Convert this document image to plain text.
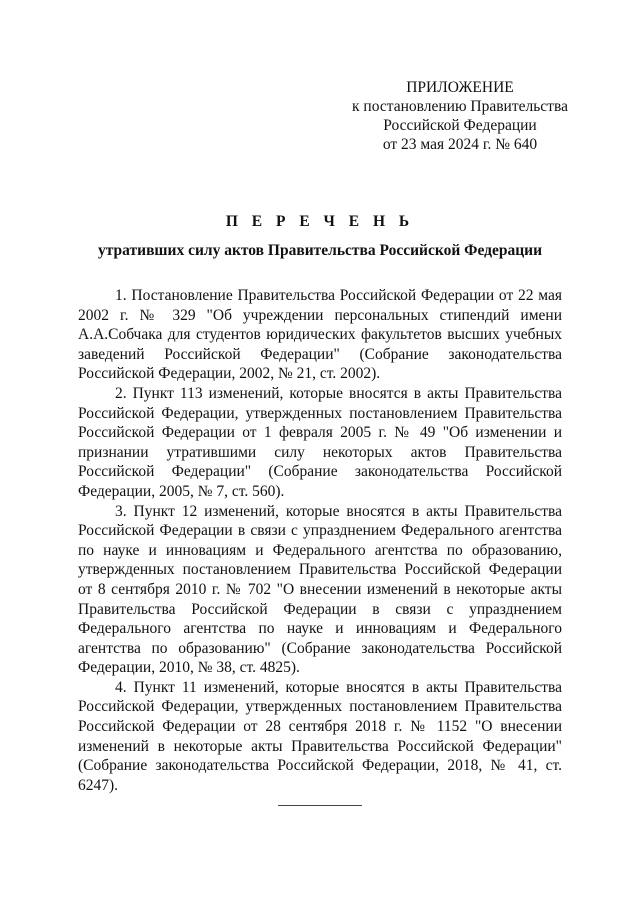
ПРИЛОЖЕНИЕ
к постановлению Правительства
Российской Федерации
от 23 мая 2024 г. № 640
П Е Р Е Ч Е Н Ь
утративших силу актов Правительства Российской Федерации

1. Постановление Правительства Российской Федерации от 22 мая 2002 г. № 329 "Об учреждении персональных стипендий имени А.А.Собчака для студентов юридических факультетов высших учебных заведений Российской Федерации" (Собрание законодательства Российской Федерации, 2002, № 21, ст. 2002).

2. Пункт 113 изменений, которые вносятся в акты Правительства Российской Федерации, утвержденных постановлением Правительства Российской Федерации от 1 февраля 2005 г. № 49 "Об изменении и признании утратившими силу некоторых актов Правительства Российской Федерации" (Собрание законодательства Российской Федерации, 2005, № 7, ст. 560).

3. Пункт 12 изменений, которые вносятся в акты Правительства Российской Федерации в связи с упразднением Федерального агентства по науке и инновациям и Федерального агентства по образованию, утвержденных постановлением Правительства Российской Федерации от 8 сентября 2010 г. № 702 "О внесении изменений в некоторые акты Правительства Российской Федерации в связи с упразднением Федерального агентства по науке и инновациям и Федерального агентства по образованию" (Собрание законодательства Российской Федерации, 2010, № 38, ст. 4825).

4. Пункт 11 изменений, которые вносятся в акты Правительства Российской Федерации, утвержденных постановлением Правительства Российской Федерации от 28 сентября 2018 г. № 1152 "О внесении изменений в некоторые акты Правительства Российской Федерации" (Собрание законодательства Российской Федерации, 2018, № 41, ст. 6247).
